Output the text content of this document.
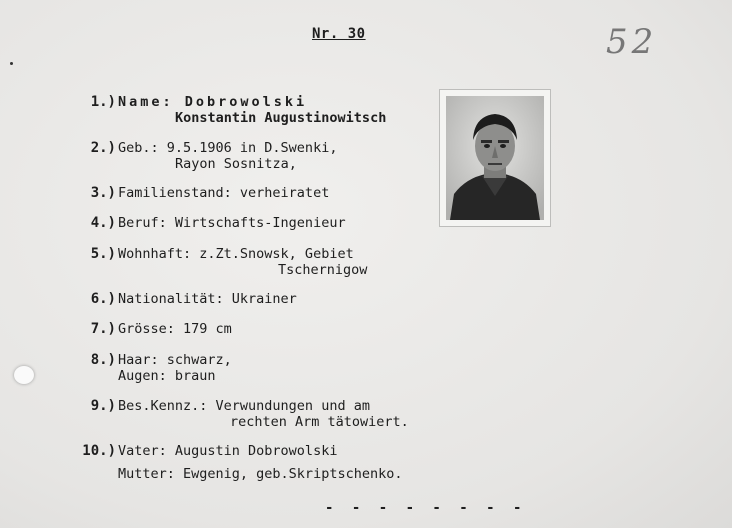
Nr. 30	52
1.) Name: Dobrowolski
Konstantin Augustinowitsch
2.) Geb.: 9.5.1906 in D.Swenki,
Rayon Sosnitza,
3.) Familienstand: verheiratet
4.) Beruf: Wirtschafts-Ingenieur
5.) Wohnhaft: z.Zt.Snowsk, Gebiet
Tschernigow
6.) Nationalität: Ukrainer
7.) Grösse: 179 cm
8.) Haar: schwarz,
Augen: braun
9.) Bes.Kennz.: Verwundungen und am
rechten Arm tätowiert.
10.) Vater: Augustin Dobrowolski
Mutter: Ewgenig, geb.Skriptschenko.
- - - - - - - -
